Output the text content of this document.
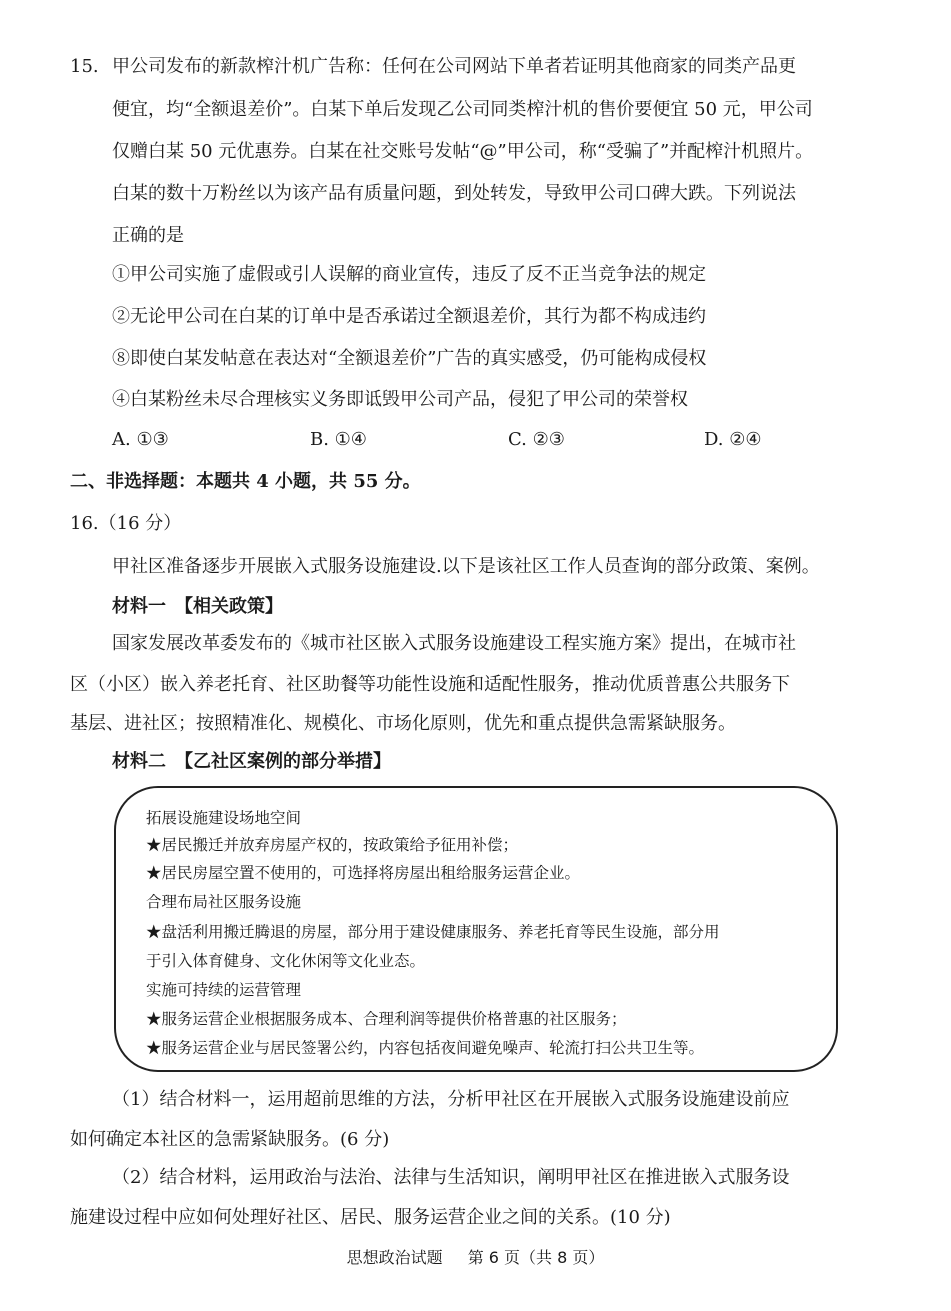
15. 甲公司发布的新款榨汁机广告称：任何在公司网站下单者若证明其他商家的同类产品更
便宜，均“全额退差价”。白某下单后发现乙公司同类榨汁机的售价要便宜 50 元，甲公司
仅赠白某 50 元优惠券。白某在社交账号发帖“@”甲公司，称“受骗了”并配榨汁机照片。
白某的数十万粉丝以为该产品有质量问题，到处转发，导致甲公司口碑大跌。下列说法
正确的是
①甲公司实施了虚假或引人误解的商业宣传，违反了反不正当竞争法的规定
②无论甲公司在白某的订单中是否承诺过全额退差价，其行为都不构成违约
⑧即使白某发帖意在表达对“全额退差价”广告的真实感受，仍可能构成侵权
④白某粉丝未尽合理核实义务即诋毁甲公司产品，侵犯了甲公司的荣誉权
A. ①③	B. ①④	C. ②③	D. ②④
二、非选择题：本题共 4 小题，共 55 分。
16.（16 分）
甲社区准备逐步开展嵌入式服务设施建设.以下是该社区工作人员查询的部分政策、案例。
材料一　【相关政策】
国家发展改革委发布的《城市社区嵌入式服务设施建设工程实施方案》提出，在城市社
区（小区）嵌入养老托育、社区助餐等功能性设施和适配性服务，推动优质普惠公共服务下
基层、进社区；按照精准化、规模化、市场化原则，优先和重点提供急需紧缺服务。
材料二　【乙社区案例的部分举措】
拓展设施建设场地空间
★居民搬迁并放弃房屋产权的，按政策给予征用补偿；
★居民房屋空置不使用的，可选择将房屋出租给服务运营企业。
合理布局社区服务设施
★盘活利用搬迁腾退的房屋，部分用于建设健康服务、养老托育等民生设施，部分用
于引入体育健身、文化休闲等文化业态。
实施可持续的运营管理
★服务运营企业根据服务成本、合理利润等提供价格普惠的社区服务；
★服务运营企业与居民签署公约，内容包括夜间避免噪声、轮流打扫公共卫生等。
（1）结合材料一，运用超前思维的方法，分析甲社区在开展嵌入式服务设施建设前应
如何确定本社区的急需紧缺服务。(6 分)
（2）结合材料，运用政治与法治、法律与生活知识，阐明甲社区在推进嵌入式服务设
施建设过程中应如何处理好社区、居民、服务运营企业之间的关系。(10 分)
思想政治试题 第 6 页（共 8 页）
